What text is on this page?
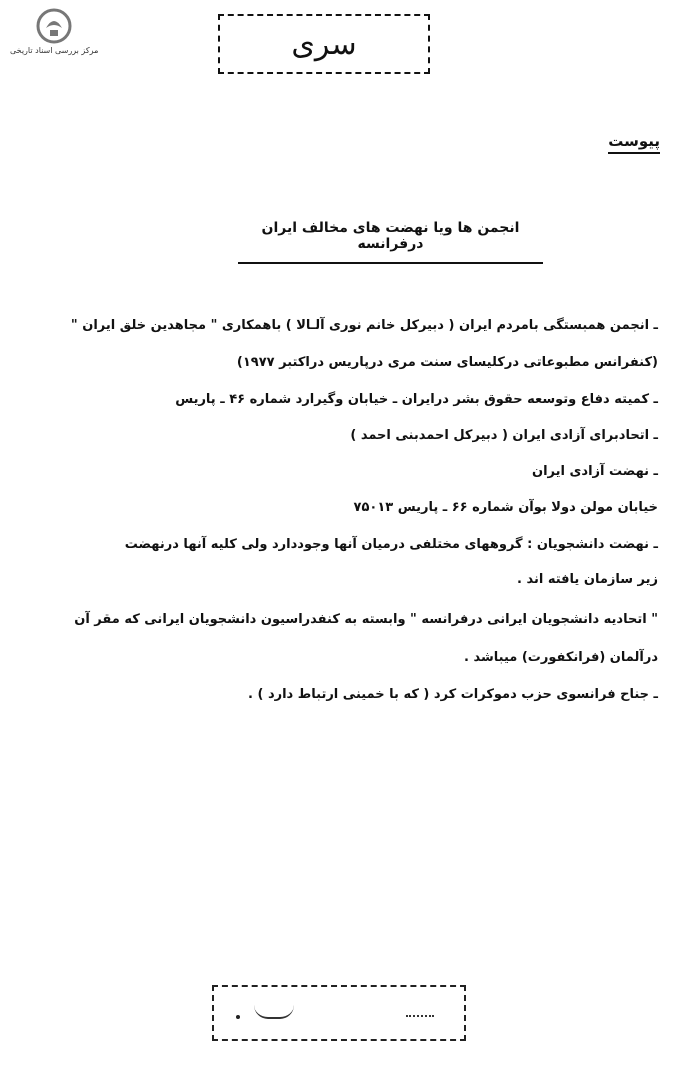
مرکز بررسی اسناد تاریخی	سری
پیوست
انجمن ها ویا نهضت های مخالف ایران درفرانسه
ـ انجمن همبستگی بامردم ایران ( دبیرکل خانم نوری آلـالا ) باهمکاری " مجاهدین خلق ایران "
(کنفرانس مطبوعاتی درکلیسای سنت مری درپاریس دراکتبر ۱۹۷۷)
ـ کمیته دفاع وتوسعه حقوق بشر درایران ـ خیابان وگیرارد شماره ۴۶ ـ پاریس
ـ اتحادبرای آزادی ایران ( دبیرکل احمدبنی احمد )
ـ نهضت آزادی ایران
خیابان مولن دولا بوآن شماره ۶۶ ـ پاریس ۷۵۰۱۳
ـ نهضت دانشجویان : گروههای مختلفی درمیان آنها وجوددارد ولی کلیه آنها درنهضت
زیر سازمان یافته اند .
" اتحادیه دانشجویان ایرانی درفرانسه " وابسته به کنفدراسیون دانشجویان ایرانی که مقر آن
درآلمان (فرانکفورت) میباشد .
ـ جناح فرانسوی حزب دموکرات کرد ( که با خمینی ارتباط دارد ) .
